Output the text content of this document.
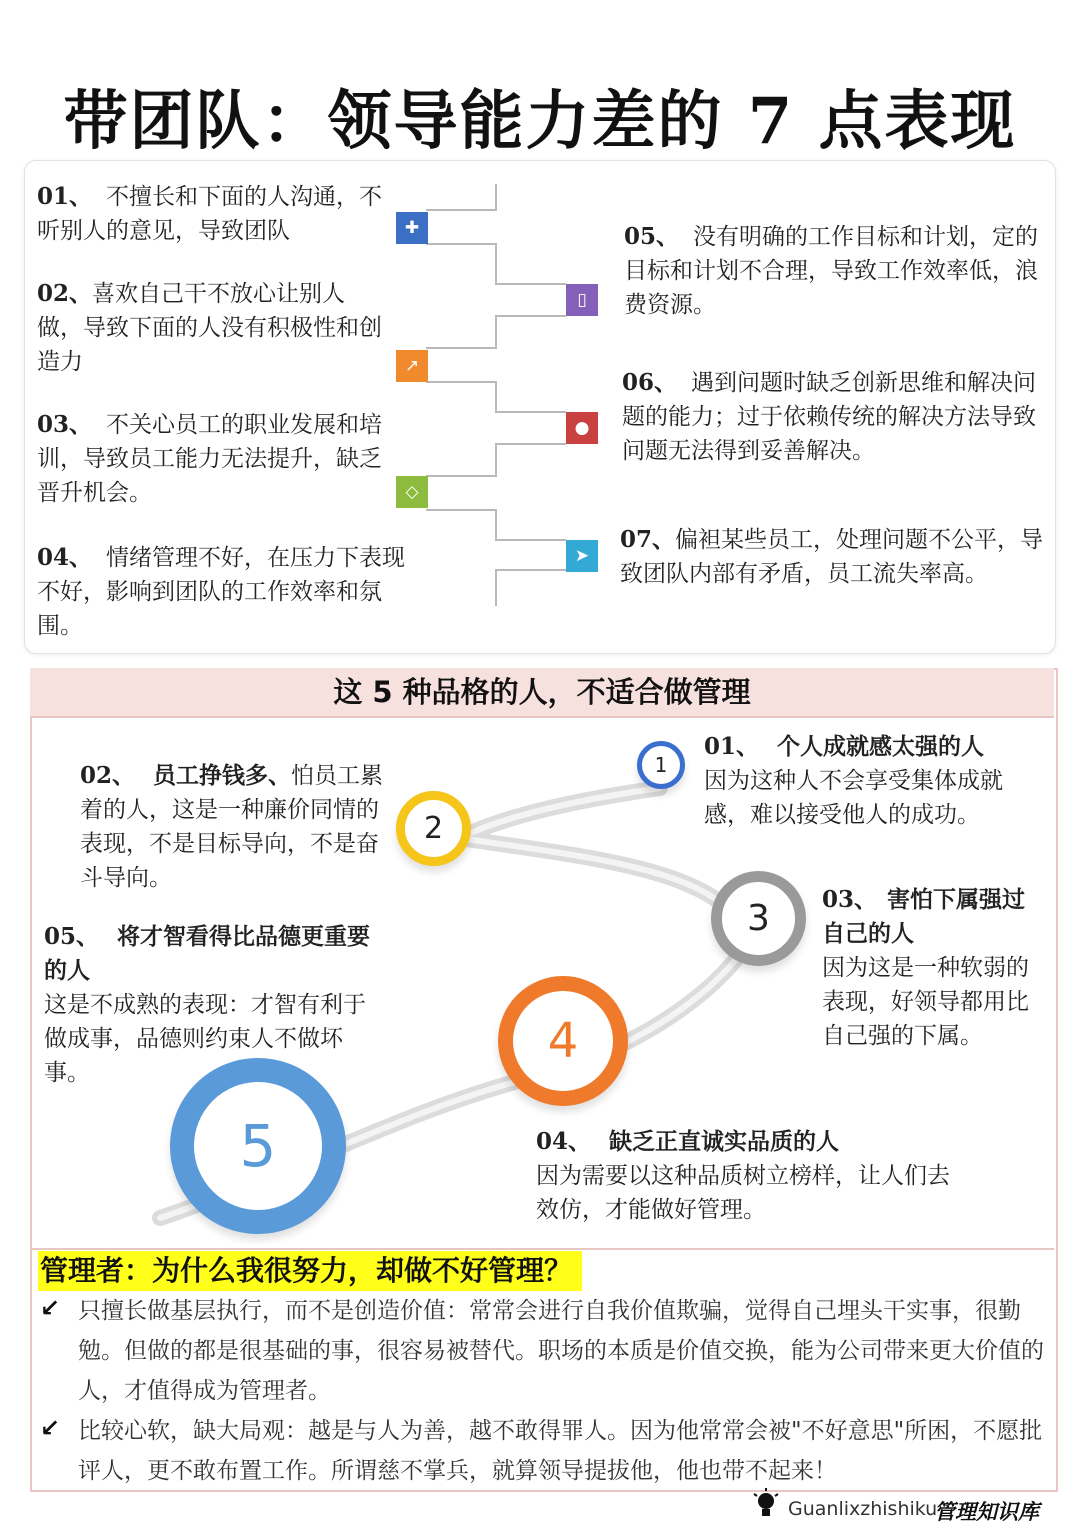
带团队：领导能力差的 7 点表现
✚
▯
↗
●
◇
➤
01、 不擅长和下面的人沟通，不听别人的意见，导致团队
02、喜欢自己干不放心让别人做，导致下面的人没有积极性和创造力
03、 不关心员工的职业发展和培训，导致员工能力无法提升，缺乏晋升机会。
04、 情绪管理不好，在压力下表现不好，影响到团队的工作效率和氛围。
05、 没有明确的工作目标和计划，定的目标和计划不合理，导致工作效率低，浪费资源。
06、 遇到问题时缺乏创新思维和解决问题的能力；过于依赖传统的解决方法导致问题无法得到妥善解决。
07、偏袒某些员工，处理问题不公平，导致团队内部有矛盾，员工流失率高。
这 5 种品格的人，不适合做管理
1
2
3
4
5
01、 个人成就感太强的人
因为这种人不会享受集体成就感，难以接受他人的成功。
02、 员工挣钱多、怕员工累着的人，这是一种廉价同情的表现，不是目标导向，不是奋斗导向。
03、 害怕下属强过自己的人
因为这是一种软弱的表现，好领导都用比自己强的下属。
04、 缺乏正直诚实品质的人
因为需要以这种品质树立榜样，让人们去效仿，才能做好管理。
05、 将才智看得比品德更重要的人
这是不成熟的表现：才智有利于做成事，品德则约束人不做坏事。
管理者：为什么我很努力，却做不好管理？
↙ 只擅长做基层执行，而不是创造价值：常常会进行自我价值欺骗，觉得自己埋头干实事，很勤勉。但做的都是很基础的事，很容易被替代。职场的本质是价值交换，能为公司带来更大价值的人，才值得成为管理者。
↙ 比较心软，缺大局观：越是与人为善，越不敢得罪人。因为他常常会被"不好意思"所困，不愿批评人，更不敢布置工作。所谓慈不掌兵，就算领导提拔他，他也带不起来！
Guanlixzhishiku
管理知识库
